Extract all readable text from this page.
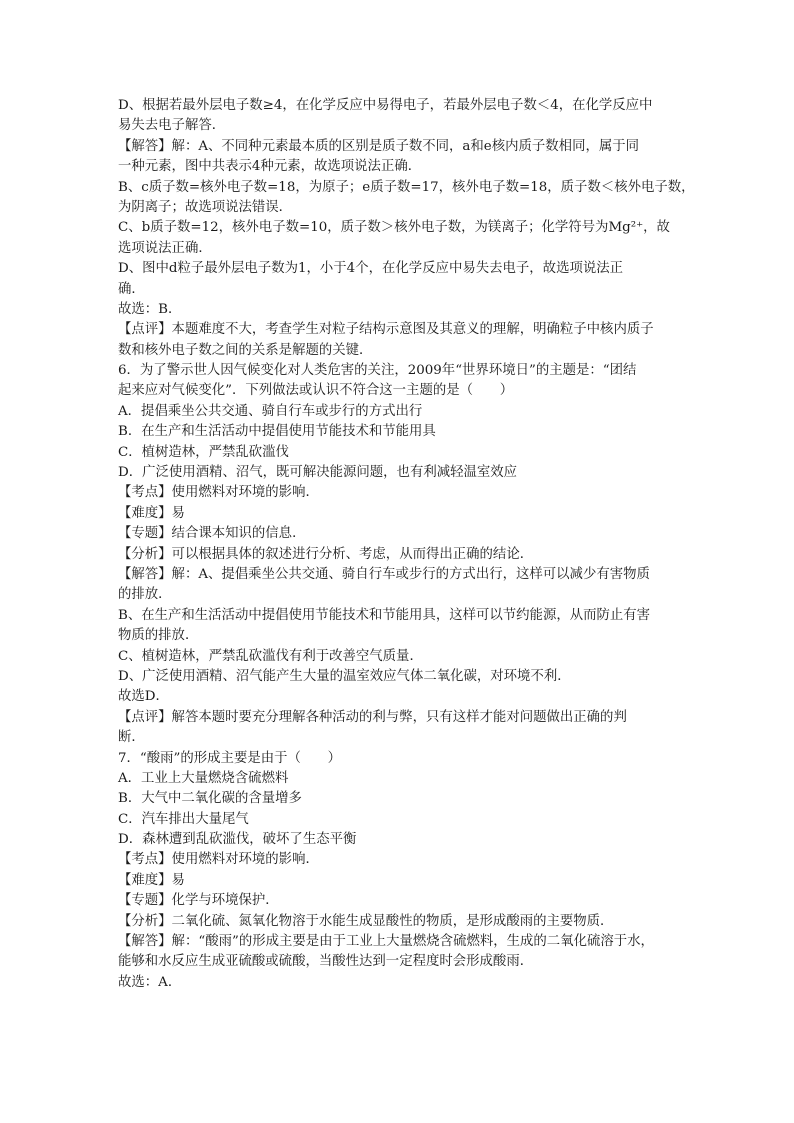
D、根据若最外层电子数≥4，在化学反应中易得电子，若最外层电子数＜4，在化学反应中
易失去电子解答．
【解答】解：A、不同种元素最本质的区别是质子数不同，a和e核内质子数相同，属于同
一种元素，图中共表示4种元素，故选项说法正确．
B、c质子数=核外电子数=18，为原子；e质子数=17，核外电子数=18，质子数＜核外电子数，
为阴离子；故选项说法错误．
C、b质子数=12，核外电子数=10，质子数＞核外电子数，为镁离子；化学符号为Mg²⁺，故
选项说法正确．
D、图中d粒子最外层电子数为1，小于4个，在化学反应中易失去电子，故选项说法正
确．
故选：B．
【点评】本题难度不大，考查学生对粒子结构示意图及其意义的理解，明确粒子中核内质子
数和核外电子数之间的关系是解题的关键．
6．为了警示世人因气候变化对人类危害的关注，2009年“世界环境日”的主题是：“团结
起来应对气候变化”．下列做法或认识不符合这一主题的是（　　）
A．提倡乘坐公共交通、骑自行车或步行的方式出行
B．在生产和生活活动中提倡使用节能技术和节能用具
C．植树造林，严禁乱砍滥伐
D．广泛使用酒精、沼气，既可解决能源问题，也有利减轻温室效应
【考点】使用燃料对环境的影响．
【难度】易
【专题】结合课本知识的信息．
【分析】可以根据具体的叙述进行分析、考虑，从而得出正确的结论．
【解答】解：A、提倡乘坐公共交通、骑自行车或步行的方式出行，这样可以减少有害物质
的排放．
B、在生产和生活活动中提倡使用节能技术和节能用具，这样可以节约能源，从而防止有害
物质的排放．
C、植树造林，严禁乱砍滥伐有利于改善空气质量．
D、广泛使用酒精、沼气能产生大量的温室效应气体二氧化碳，对环境不利．
故选D．
【点评】解答本题时要充分理解各种活动的利与弊，只有这样才能对问题做出正确的判
断．
7．“酸雨”的形成主要是由于（　　）
A．工业上大量燃烧含硫燃料
B．大气中二氧化碳的含量增多
C．汽车排出大量尾气
D．森林遭到乱砍滥伐，破坏了生态平衡
【考点】使用燃料对环境的影响．
【难度】易
【专题】化学与环境保护．
【分析】二氧化硫、氮氧化物溶于水能生成显酸性的物质，是形成酸雨的主要物质．
【解答】解：“酸雨”的形成主要是由于工业上大量燃烧含硫燃料，生成的二氧化硫溶于水，
能够和水反应生成亚硫酸或硫酸，当酸性达到一定程度时会形成酸雨．
故选：A．
